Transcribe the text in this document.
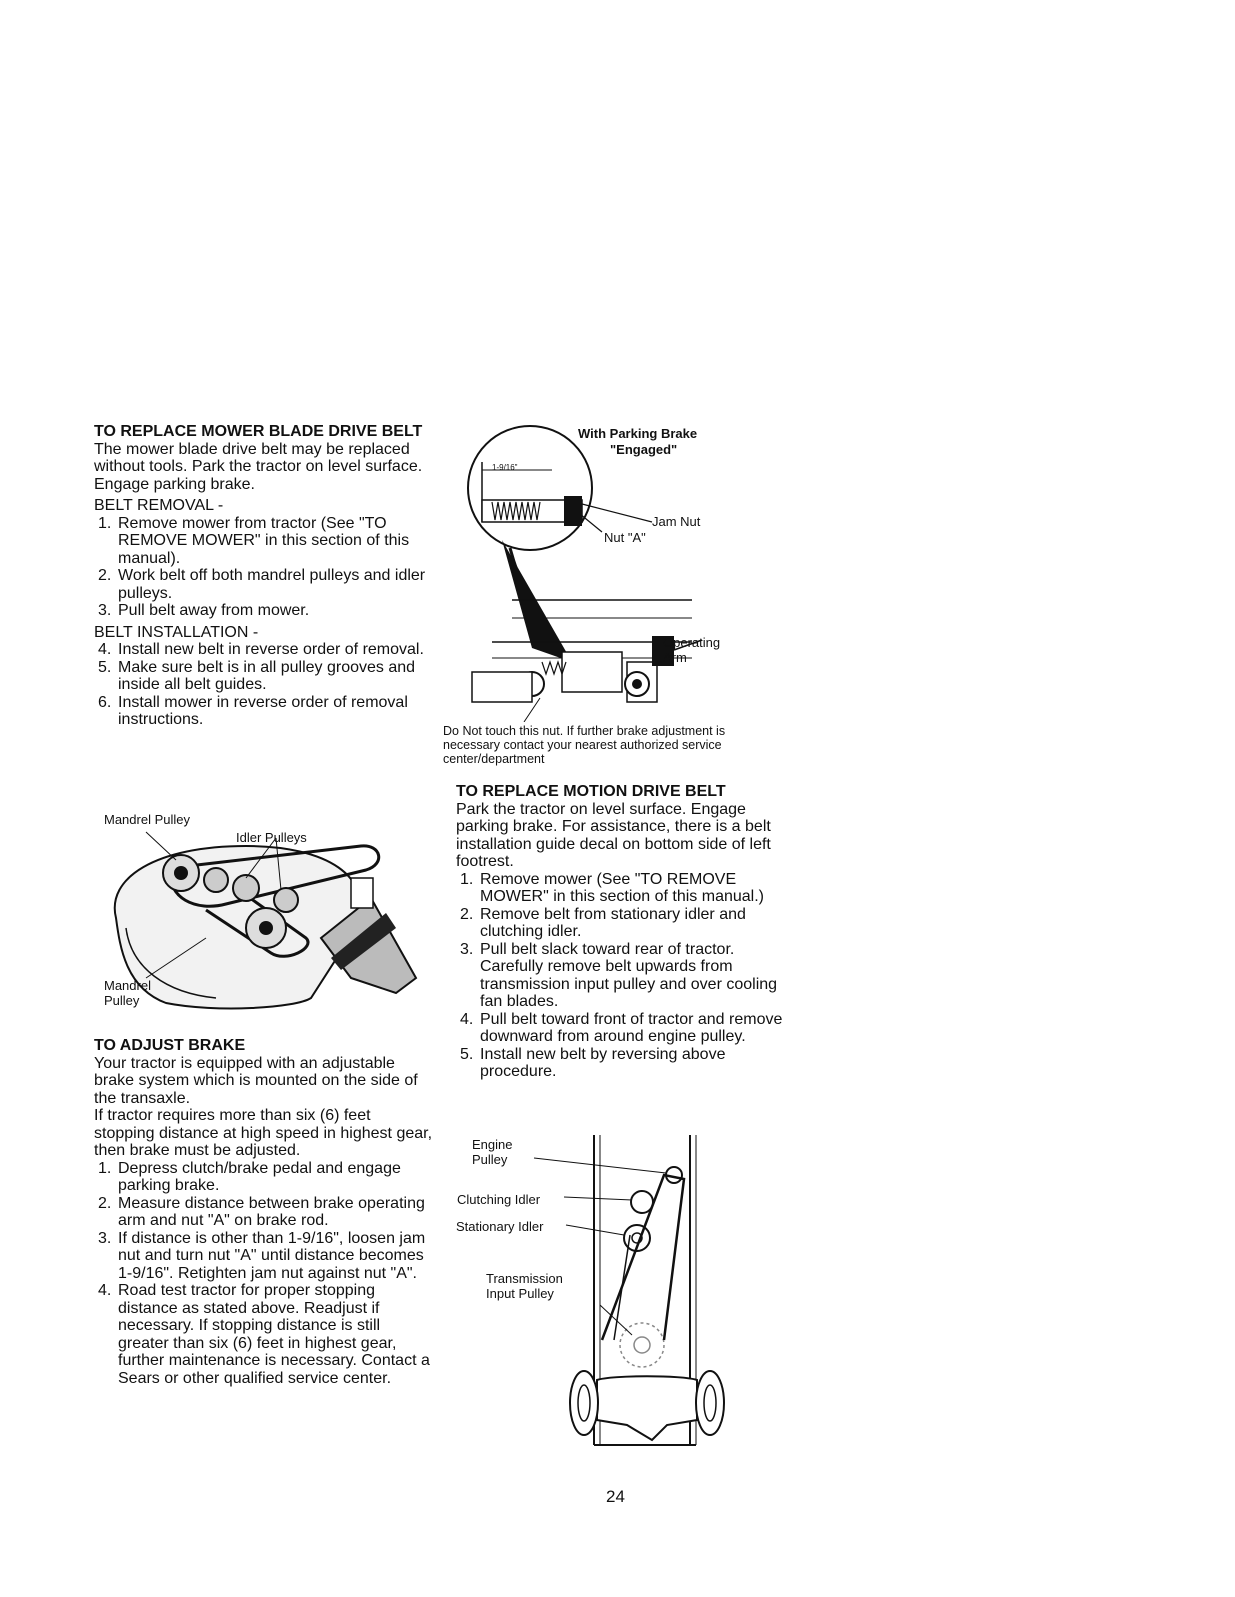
TO REPLACE MOWER BLADE DRIVE BELT

The mower blade drive belt may be replaced without tools. Park the tractor on level surface. Engage parking brake.

BELT REMOVAL -

1. Remove mower from tractor (See "TO REMOVE MOWER" in this section of this manual).
2. Work belt off both mandrel pulleys and idler pulleys.
3. Pull belt away from mower.

BELT INSTALLATION -

4. Install new belt in reverse order of removal.
5. Make sure belt is in all pulley grooves and inside all belt guides.
6. Install mower in reverse order of removal instructions.
Mandrel Pulley
Idler Pulleys
Mandrel Pulley

TO ADJUST BRAKE

Your tractor is equipped with an adjustable brake system which is mounted on the side of the transaxle.

If tractor requires more than six (6) feet stopping distance at high speed in highest gear, then brake must be adjusted.

1. Depress clutch/brake pedal and engage parking brake.
2. Measure distance between brake operating arm and nut "A" on brake rod.
3. If distance is other than 1-9/16", loosen jam nut and turn nut "A" until distance becomes 1-9/16". Retighten jam nut against nut "A".
4. Road test tractor for proper stopping distance as stated above. Readjust if necessary. If stopping distance is still greater than six (6) feet in highest gear, further maintenance is necessary. Contact a Sears or other qualified service center.
With Parking Brake
"Engaged"
1-9/16"
Jam Nut
Nut "A"
Operating Arm
Do Not touch this nut. If further brake adjustment is necessary contact your nearest authorized service center/department

TO REPLACE MOTION DRIVE BELT

Park the tractor on level surface. Engage parking brake. For assistance, there is a belt installation guide decal on bottom side of left footrest.

1. Remove mower (See "TO REMOVE MOWER" in this section of this manual.)
2. Remove belt from stationary idler and clutching idler.
3. Pull belt slack toward rear of tractor. Carefully remove belt upwards from transmission input pulley and over cooling fan blades.
4. Pull belt toward front of tractor and remove downward from around engine pulley.
5. Install new belt by reversing above procedure.
Engine Pulley
Clutching Idler
Stationary Idler
Transmission Input Pulley
24
